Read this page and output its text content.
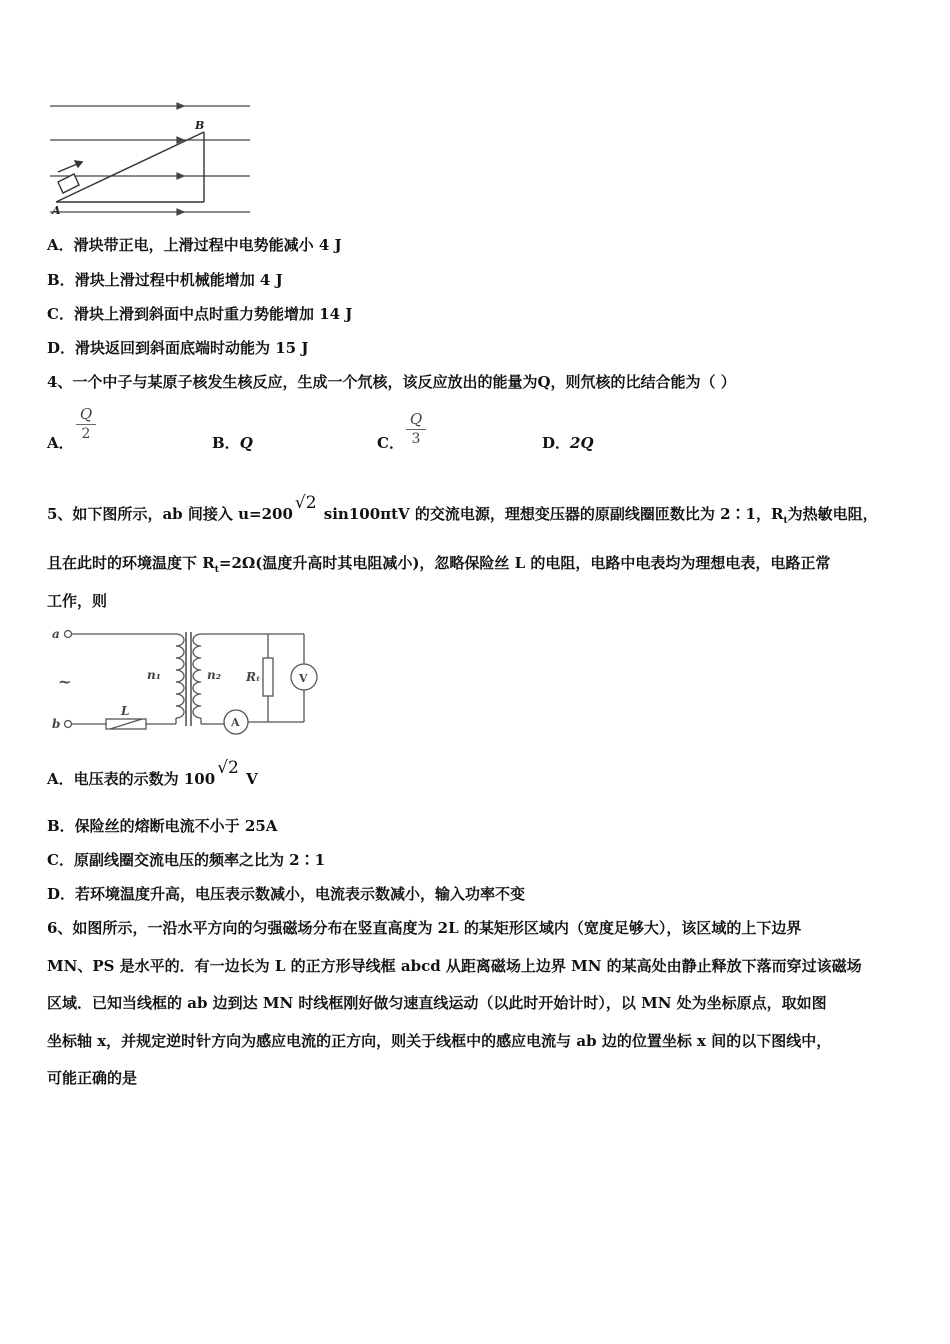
A
B
A．滑块带正电，上滑过程中电势能减小 4 J
B．滑块上滑过程中机械能增加 4 J
C．滑块上滑到斜面中点时重力势能增加 14 J
D．滑块返回到斜面底端时动能为 15 J
4、一个中子与某原子核发生核反应，生成一个氘核，该反应放出的能量为Q，则氘核的比结合能为（ ）
A．
Q
2	B．Q	C．
Q
3	D．2Q
5、如下图所示，ab 间接入 u=200√2 sin100πtV 的交流电源，理想变压器的原副线圈匝数比为 2∶1，$R_t$为热敏电阻，
且在此时的环境温度下 $R_t=2\Omega$(温度升高时其电阻减小)，忽略保险丝 L 的电阻，电路中电表均为理想电表，电路正常
工作，则
a
b
~
L
n₁	n₂ Rₜ	V
A
A．电压表的示数为 100√2 V
B．保险丝的熔断电流不小于 25A
C．原副线圈交流电压的频率之比为 2∶1
D．若环境温度升高，电压表示数减小，电流表示数减小，输入功率不变
6、如图所示，一沿水平方向的匀强磁场分布在竖直高度为 2L 的某矩形区域内（宽度足够大），该区域的上下边界
MN、PS 是水平的．有一边长为 L 的正方形导线框 abcd 从距离磁场上边界 MN 的某高处由静止释放下落而穿过该磁场
区域．已知当线框的 ab 边到达 MN 时线框刚好做匀速直线运动（以此时开始计时），以 MN 处为坐标原点，取如图
坐标轴 x，并规定逆时针方向为感应电流的正方向，则关于线框中的感应电流与 ab 边的位置坐标 x 间的以下图线中，
可能正确的是
